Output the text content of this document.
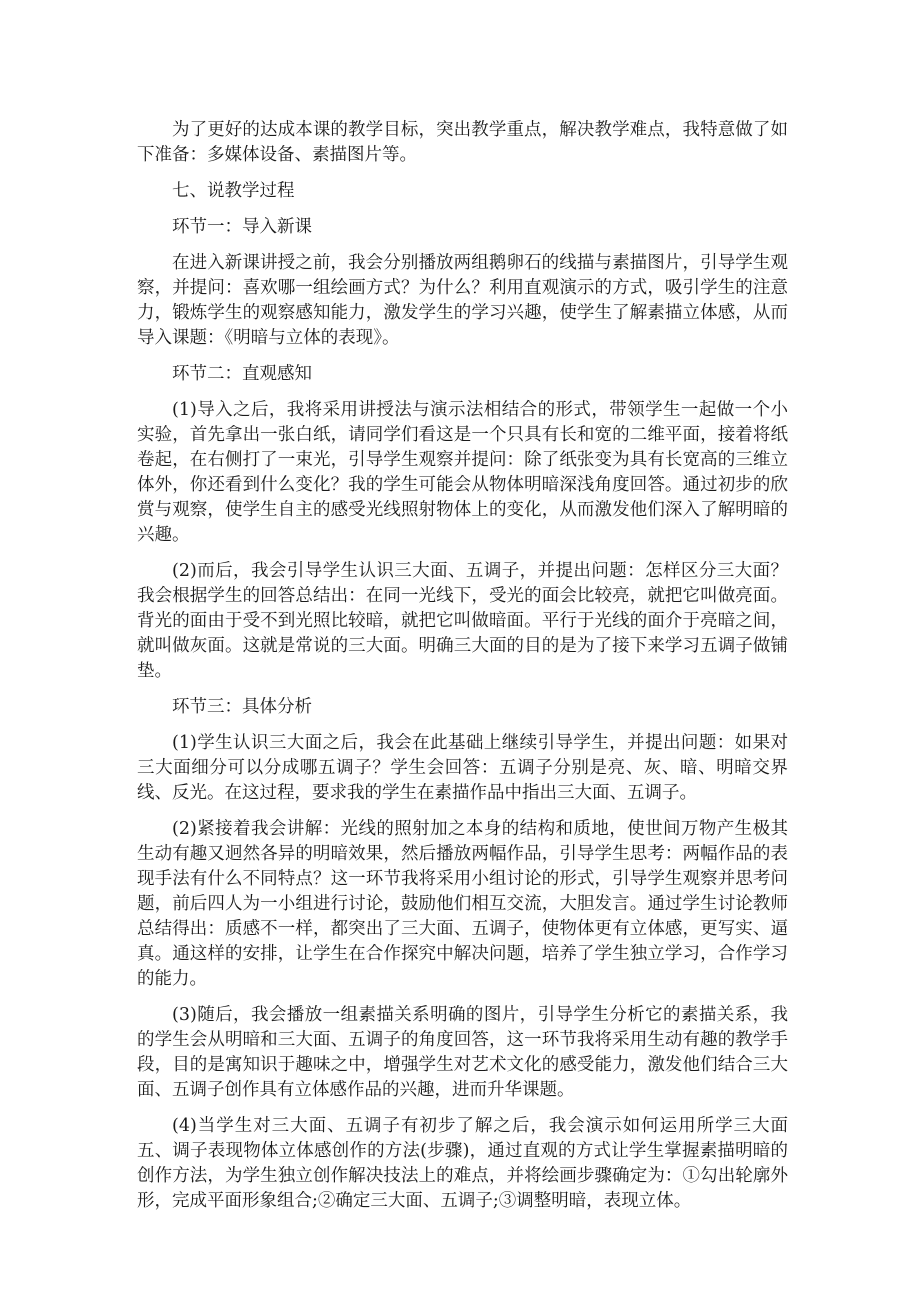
为了更好的达成本课的教学目标，突出教学重点，解决教学难点，我特意做了如下准备：多媒体设备、素描图片等。

七、说教学过程

环节一：导入新课

在进入新课讲授之前，我会分别播放两组鹅卵石的线描与素描图片，引导学生观察，并提问：喜欢哪一组绘画方式？为什么？利用直观演示的方式，吸引学生的注意力，锻炼学生的观察感知能力，激发学生的学习兴趣，使学生了解素描立体感，从而导入课题：《明暗与立体的表现》。

环节二：直观感知

(1)导入之后，我将采用讲授法与演示法相结合的形式，带领学生一起做一个小实验，首先拿出一张白纸，请同学们看这是一个只具有长和宽的二维平面，接着将纸卷起，在右侧打了一束光，引导学生观察并提问：除了纸张变为具有长宽高的三维立体外，你还看到什么变化？我的学生可能会从物体明暗深浅角度回答。通过初步的欣赏与观察，使学生自主的感受光线照射物体上的变化，从而激发他们深入了解明暗的兴趣。

(2)而后，我会引导学生认识三大面、五调子，并提出问题：怎样区分三大面？我会根据学生的回答总结出：在同一光线下，受光的面会比较亮，就把它叫做亮面。背光的面由于受不到光照比较暗，就把它叫做暗面。平行于光线的面介于亮暗之间，就叫做灰面。这就是常说的三大面。明确三大面的目的是为了接下来学习五调子做铺垫。

环节三：具体分析

(1)学生认识三大面之后，我会在此基础上继续引导学生，并提出问题：如果对三大面细分可以分成哪五调子？学生会回答：五调子分别是亮、灰、暗、明暗交界线、反光。在这过程，要求我的学生在素描作品中指出三大面、五调子。

(2)紧接着我会讲解：光线的照射加之本身的结构和质地，使世间万物产生极其生动有趣又迥然各异的明暗效果，然后播放两幅作品，引导学生思考：两幅作品的表现手法有什么不同特点？这一环节我将采用小组讨论的形式，引导学生观察并思考问题，前后四人为一小组进行讨论，鼓励他们相互交流，大胆发言。通过学生讨论教师总结得出：质感不一样，都突出了三大面、五调子，使物体更有立体感，更写实、逼真。通这样的安排，让学生在合作探究中解决问题，培养了学生独立学习，合作学习的能力。

(3)随后，我会播放一组素描关系明确的图片，引导学生分析它的素描关系，我的学生会从明暗和三大面、五调子的角度回答，这一环节我将采用生动有趣的教学手段，目的是寓知识于趣味之中，增强学生对艺术文化的感受能力，激发他们结合三大面、五调子创作具有立体感作品的兴趣，进而升华课题。

(4)当学生对三大面、五调子有初步了解之后，我会演示如何运用所学三大面五、调子表现物体立体感创作的方法(步骤)，通过直观的方式让学生掌握素描明暗的创作方法，为学生独立创作解决技法上的难点，并将绘画步骤确定为：①勾出轮廓外形，完成平面形象组合;②确定三大面、五调子;③调整明暗，表现立体。
